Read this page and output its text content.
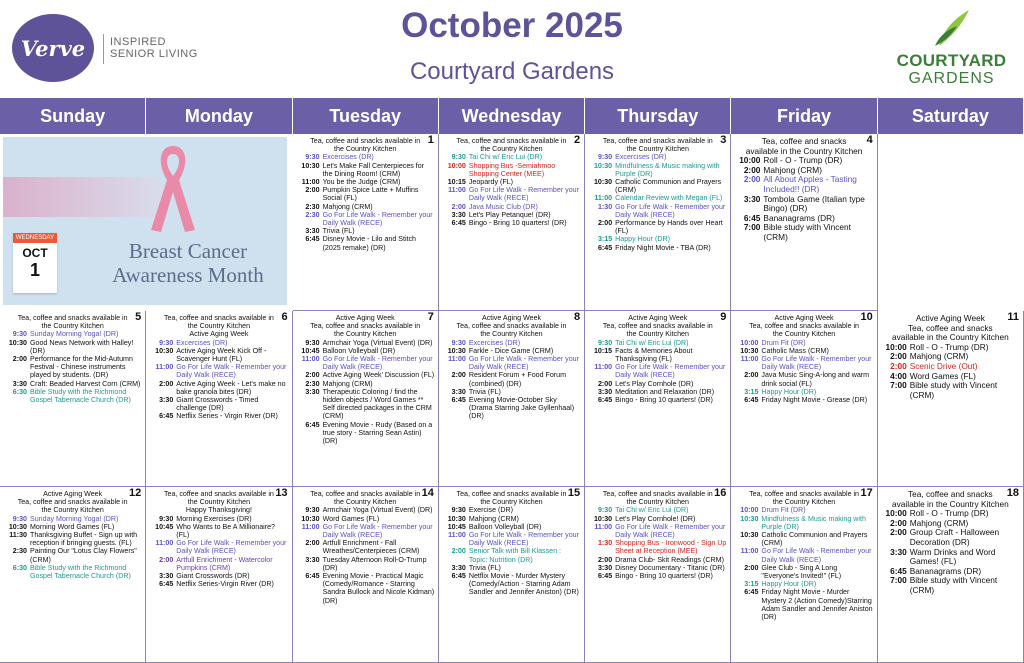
Verve INSPIRED
SENIOR LIVING
October 2025
Courtyard Gardens	COURTYARD
GARDENS
Sunday	Monday	Tuesday	Wednesday	Thursday	Friday	Saturday
WEDNESDAY
OCT
1
Breast Cancer Awareness Month
1
Tea, coffee and snacks available in the Country Kitchen
9:30 Excercises (DR)
10:30 Let's Make Fall Centerpieces for the Dining Room! (CRM)
11:00 You be the Judge (CRM)
2:00 Pumpkin Spice Latte + Muffins Social (FL)
2:30 Mahjong (CRM)
2:30 Go For Life Walk - Remember your Daily Walk (RECE)
3:30 Trivia (FL)
6:45 Disney Movie - Lilo and Stitch (2025 remake) (DR)
2
Tea, coffee and snacks available in the Country Kitchen
9:30 Tai Chi w/ Eric Lui (DR)
10:00 Shopping Bus -Semiahmoo Shopping Center (MEE)
10:15 Jeopardy (FL)
11:00 Go For Life Walk - Remember your Daily Walk (RECE)
2:00 Java Music Club (DR)
3:30 Let's Play Petanque! (DR)
6:45 Bingo - Bring 10 quarters! (DR)
3
Tea, coffee and snacks available in the Country Kitchen
9:30 Excercises (DR)
10:30 Mindfulness & Music making with Purple (DR)
10:30 Catholic Communion and Prayers (CRM)
11:00 Calendar Review with Megan (FL)
1:30 Go For Life Walk - Remember your Daily Walk (RECE)
2:00 Performance by Hands over Heart (FL)
3:15 Happy Hour (DR)
6:45 Friday Night Movie - TBA (DR)
4
Tea, coffee and snacks available in the Country Kitchen
10:00 Roll - O - Trump (DR)
2:00 Mahjong (CRM)
2:00 All About Apples - Tasting Included!! (DR)
3:30 Tombola Game (Italian type Bingo) (DR)
6:45 Bananagrams (DR)
7:00 Bible study with Vincent (CRM)
5
Tea, coffee and snacks available in the Country Kitchen
9:30 Sunday Morning Yoga! (DR)
10:30 Good News Network with Halley! (DR)
2:00 Performance for the Mid-Autumn Festival - Chinese instruments played by students. (DR)
3:30 Craft: Beaded Harvest Corn (CRM)
6:30 Bible Study with the Richmond Gospel Tabernacle Church (DR)
6
Tea, coffee and snacks available in the Country Kitchen
Active Aging Week
9:30 Excercises (DR)
10:30 Active Aging Week Kick Off - Scavenger Hunt (FL)
11:00 Go For Life Walk - Remember your Daily Walk (RECE)
2:00 Active Aging Week - Let's make no bake granola bites (DR)
3:30 Giant Crosswords - Timed challenge (DR)
6:45 Netflix Series - Virgin River (DR)
7
Active Aging Week
Tea, coffee and snacks available in the Country Kitchen
9:30 Armchair Yoga (Virtual Event) (DR)
10:45 Balloon Volleyball (DR)
11:00 Go For Life Walk - Remember your Daily Walk (RECE)
2:00 Active Aging Week' Discussion (FL)
2:30 Mahjong (CRM)
3:30 Therapeutic Coloring / find the hidden objects / Word Games ** Self directed packages in the CRM (CRM)
6:45 Evening Movie - Rudy (Based on a true story - Starring Sean Astin) (DR)
8
Active Aging Week
Tea, coffee and snacks available in the Country Kitchen
9:30 Excercises (DR)
10:30 Farkle - Dice Game (CRM)
11:00 Go For Life Walk - Remember your Daily Walk (RECE)
2:00 Resident Forum + Food Forum (combined) (DR)
3:30 Trivia (FL)
6:45 Evening Movie-October Sky (Drama Starring Jake Gyllenhaal) (DR)
9
Active Aging Week
Tea, coffee and snacks available in the Country Kitchen
9:30 Tai Chi w/ Eric Lui (DR)
10:15 Facts & Memories About Thanksgiving (FL)
11:00 Go For Life Walk - Remember your Daily Walk (RECE)
2:00 Let's Play Cornhole (DR)
3:30 Meditation and Relaxation (DR)
6:45 Bingo - Bring 10 quarters! (DR)
10
Active Aging Week
Tea, coffee and snacks available in the Country Kitchen
10:00 Drum Fit (DR)
10:30 Catholic Mass (CRM)
11:00 Go For Life Walk - Remember your Daily Walk (RECE)
2:00 Java Music Sing-A-long and warm drink social (FL)
3:15 Happy Hour (DR)
6:45 Friday Night Movie - Grease (DR)
11
Active Aging Week
Tea, coffee and snacks available in the Country Kitchen
10:00 Roll - O - Trump (DR)
2:00 Mahjong (CRM)
2:00 Scenic Drive (Out)
4:00 Word Games (FL)
7:00 Bible study with Vincent (CRM)
12
Active Aging Week
Tea, coffee and snacks available in the Country Kitchen
9:30 Sunday Morning Yoga! (DR)
10:30 Morning Word Games (FL)
11:30 Thanksgiving Buffet - Sign up with reception if bringing guests. (FL)
2:30 Painting Our "Lotus Clay Flowers" (CRM)
6:30 Bible Study with the Richmond Gospel Tabernacle Church (DR)
13
Tea, coffee and snacks available in the Country Kitchen
Happy Thanksgiving!
9:30 Morning Exercises (DR)
10:45 Who Wants to Be A Millionaire? (FL)
11:00 Go For Life Walk - Remember your Daily Walk (RECE)
2:00 Artfull Enrichment - Watercolor Pumpkins (CRM)
3:30 Giant Crosswords (DR)
6:45 Netflix Series-Virgin River (DR)
14
Tea, coffee and snacks available in the Country Kitchen
9:30 Armchair Yoga (Virtual Event) (DR)
10:30 Word Games (FL)
11:00 Go For Life Walk - Remember your Daily Walk (RECE)
2:00 Artfull Enrichment - Fall Wreathes/Centerpieces (CRM)
3:30 Tuesday Afternoon Roll-O-Trump (DR)
6:45 Evening Movie - Practical Magic (Comedy/Romance - Starring Sandra Bullock and Nicole Kidman) (DR)
15
Tea, coffee and snacks available in the Country Kitchen
9:30 Exercise (DR)
10:30 Mahjong (CRM)
10:45 Balloon Volleyball (DR)
11:00 Go For Life Walk - Remember your Daily Walk (RECE)
2:00 Senior Talk with Bill Klassen : Topic: Nutrition (DR)
3:30 Trivia (FL)
6:45 Netflix Movie - Murder Mystery (Comedy/Action - Starring Adam Sandler and Jennifer Aniston) (DR)
16
Tea, coffee and snacks available in the Country Kitchen
9:30 Tai Chi w/ Eric Lui (DR)
10:30 Let's Play Cornhole! (DR)
11:00 Go For Life Walk - Remember your Daily Walk (RECE)
1:30 Shopping Bus - Ironwood - Sign Up Sheet at Reception (MEE)
2:00 Drama Club- Skit Readings (CRM)
3:30 Disney Documentary - Titanic (DR)
6:45 Bingo - Bring 10 quarters! (DR)
17
Tea, coffee and snacks available in the Country Kitchen
10:00 Drum Fit (DR)
10:30 Mindfulness & Music making with Purple (DR)
10:30 Catholic Communion and Prayers (CRM)
11:00 Go For Life Walk - Remember your Daily Walk (RECE)
2:00 Glee Club - Sing A Long "Everyone's Invited!" (FL)
3:15 Happy Hour (DR)
6:45 Friday Night Movie - Murder Mystery 2 (Action Comedy)Starring Adam Sandler and Jennifer Aniston (DR)
18
Tea, coffee and snacks available in the Country Kitchen
10:00 Roll - O - Trump (DR)
2:00 Mahjong (CRM)
2:00 Group Craft - Halloween Decoration (DR)
3:30 Warm Drinks and Word Games! (FL)
6:45 Bananagrams (DR)
7:00 Bible study with Vincent (CRM)
